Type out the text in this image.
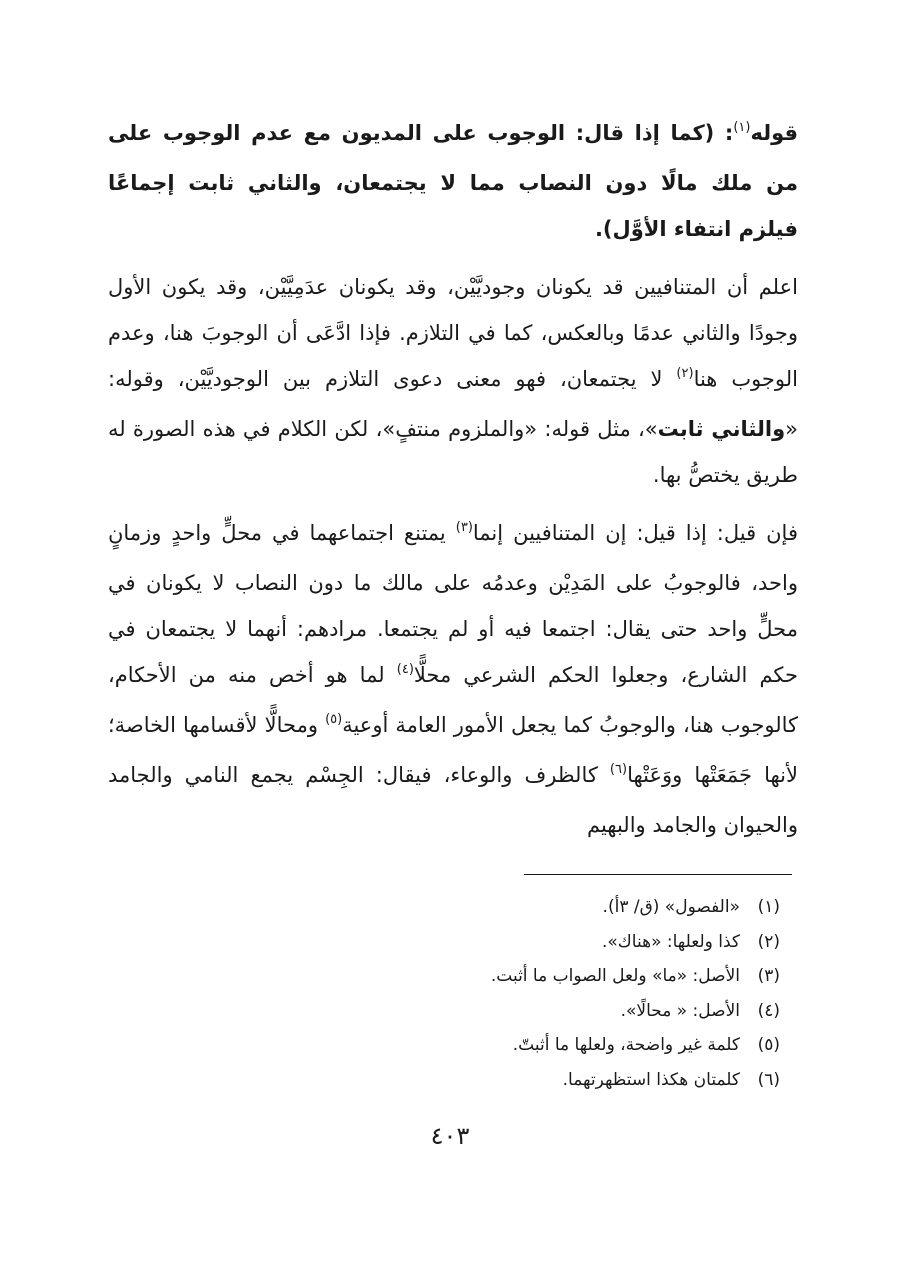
قوله$^{(١)}$: (كما إذا قال: الوجوب على المديون مع عدم الوجوب على من ملك مالًا دون النصاب مما لا يجتمعان، والثاني ثابت إجماعًا فيلزم انتفاء الأوَّل).

اعلم أن المتنافيين قد يكونان وجوديَّيْن، وقد يكونان عدَمِيَّيْن، وقد يكون الأول وجودًا والثاني عدمًا وبالعكس، كما في التلازم. فإذا ادَّعَى أن الوجوبَ هنا، وعدم الوجوب هنا$^{(٢)}$ لا يجتمعان، فهو معنى دعوى التلازم بين الوجوديَّيْن، وقوله: «والثاني ثابت»، مثل قوله: «والملزوم منتفٍ»، لكن الكلام في هذه الصورة له طريق يختصُّ بها.

فإن قيل: إذا قيل: إن المتنافيين إنما$^{(٣)}$ يمتنع اجتماعهما في محلٍّ واحدٍ وزمانٍ واحد، فالوجوبُ على المَدِيْن وعدمُه على مالك ما دون النصاب لا يكونان في محلٍّ واحد حتى يقال: اجتمعا فيه أو لم يجتمعا. مرادهم: أنهما لا يجتمعان في حكم الشارع، وجعلوا الحكم الشرعي محلًّا$^{(٤)}$ لما هو أخص منه من الأحكام، كالوجوب هنا، والوجوبُ كما يجعل الأمور العامة أوعية$^{(٥)}$ ومحالًّا لأقسامها الخاصة؛ لأنها جَمَعَتْها ووَعَتْها$^{(٦)}$ كالظرف والوعاء، فيقال: الجِسْم يجمع النامي والجامد والحيوان والجامد والبهيم

(١)«الفصول» (ق/ ٣أ).
(٢)كذا ولعلها: «هناك».
(٣)الأصل: «ما» ولعل الصواب ما أثبت.
(٤)الأصل: « محالًا».
(٥)كلمة غير واضحة، ولعلها ما أثبتّ.
(٦)كلمتان هكذا استظهرتهما.
٤٠٣
